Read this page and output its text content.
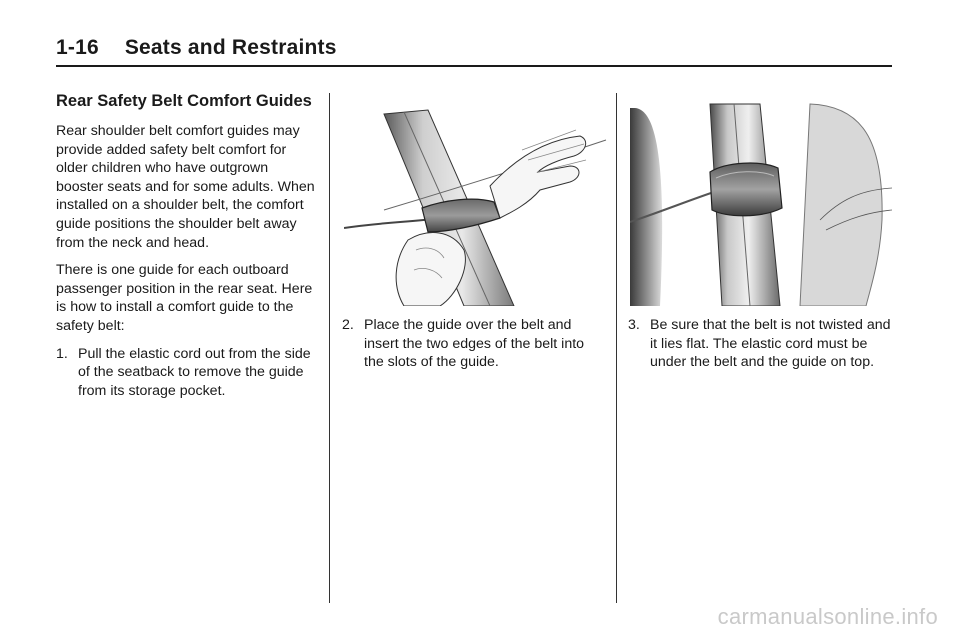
1-16 Seats and Restraints
Rear Safety Belt Comfort Guides

Rear shoulder belt comfort guides may provide added safety belt comfort for older children who have outgrown booster seats and for some adults. When installed on a shoulder belt, the comfort guide positions the shoulder belt away from the neck and head.

There is one guide for each outboard passenger position in the rear seat. Here is how to install a comfort guide to the safety belt:

1. Pull the elastic cord out from the side of the seatback to remove the guide from its storage pocket.
2. Place the guide over the belt and insert the two edges of the belt into the slots of the guide.
3. Be sure that the belt is not twisted and it lies flat. The elastic cord must be under the belt and the guide on top.
carmanualsonline.info
